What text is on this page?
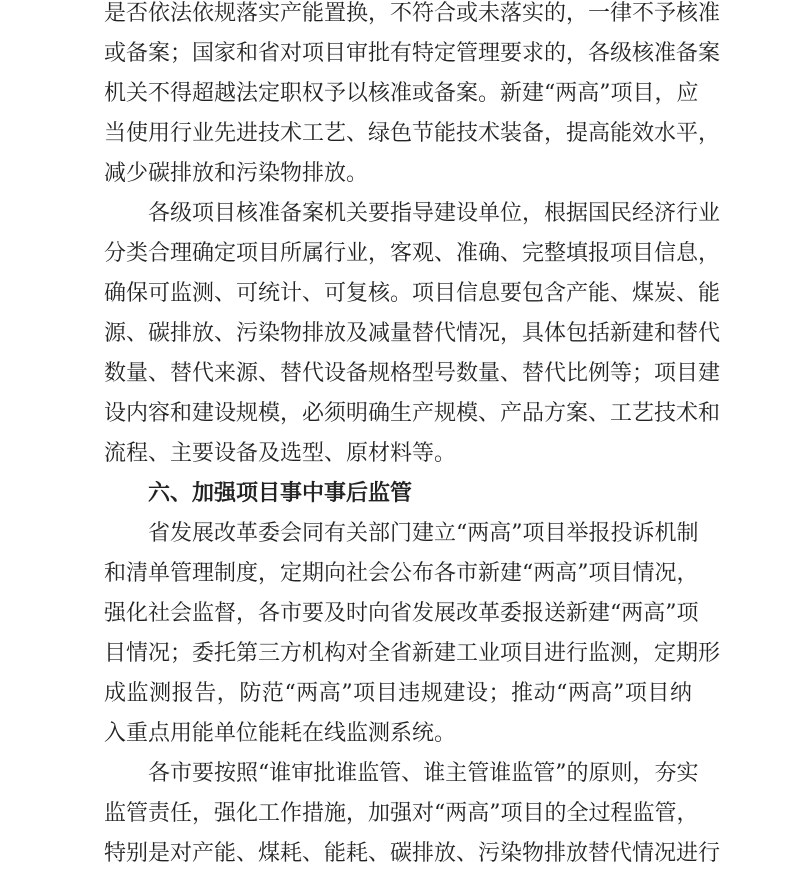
是否依法依规落实产能置换，不符合或未落实的，一律不予核准
或备案；国家和省对项目审批有特定管理要求的，各级核准备案
机关不得超越法定职权予以核准或备案。新建“两高”项目，应
当使用行业先进技术工艺、绿色节能技术装备，提高能效水平，
减少碳排放和污染物排放。
各级项目核准备案机关要指导建设单位，根据国民经济行业
分类合理确定项目所属行业，客观、准确、完整填报项目信息，
确保可监测、可统计、可复核。项目信息要包含产能、煤炭、能
源、碳排放、污染物排放及减量替代情况，具体包括新建和替代
数量、替代来源、替代设备规格型号数量、替代比例等；项目建
设内容和建设规模，必须明确生产规模、产品方案、工艺技术和
流程、主要设备及选型、原材料等。
六、加强项目事中事后监管
省发展改革委会同有关部门建立“两高”项目举报投诉机制
和清单管理制度，定期向社会公布各市新建“两高”项目情况，
强化社会监督，各市要及时向省发展改革委报送新建“两高”项
目情况；委托第三方机构对全省新建工业项目进行监测，定期形
成监测报告，防范“两高”项目违规建设；推动“两高”项目纳
入重点用能单位能耗在线监测系统。
各市要按照“谁审批谁监管、谁主管谁监管”的原则，夯实
监管责任，强化工作措施，加强对“两高”项目的全过程监管，
特别是对产能、煤耗、能耗、碳排放、污染物排放替代情况进行
